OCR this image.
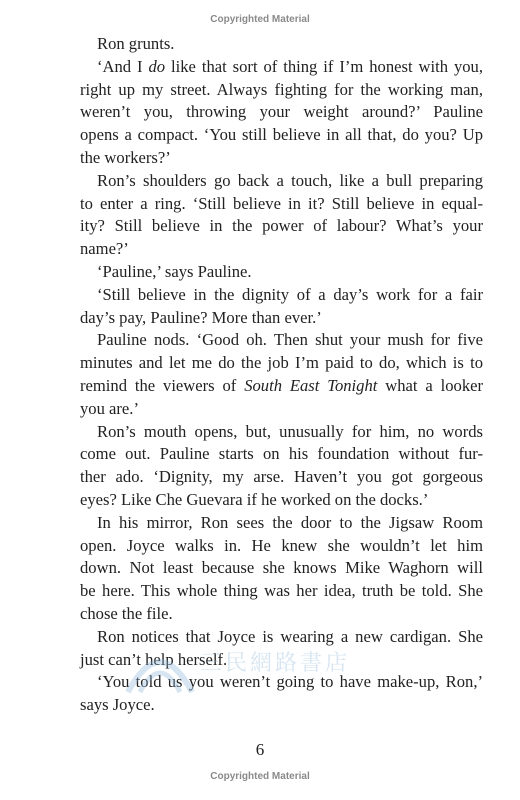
Copyrighted Material

Ron grunts.

‘And I do like that sort of thing if I’m honest with you,
right up my street. Always fighting for the working man,
weren’t you, throwing your weight around?’ Pauline
opens a compact. ‘You still believe in all that, do you? Up
the workers?’

Ron’s shoulders go back a touch, like a bull preparing
to enter a ring. ‘Still believe in it? Still believe in equal-
ity? Still believe in the power of labour? What’s your
name?’

‘Pauline,’ says Pauline.

‘Still believe in the dignity of a day’s work for a fair
day’s pay, Pauline? More than ever.’

Pauline nods. ‘Good oh. Then shut your mush for five
minutes and let me do the job I’m paid to do, which is to
remind the viewers of South East Tonight what a looker
you are.’

Ron’s mouth opens, but, unusually for him, no words
come out. Pauline starts on his foundation without fur-
ther ado. ‘Dignity, my arse. Haven’t you got gorgeous
eyes? Like Che Guevara if he worked on the docks.’

In his mirror, Ron sees the door to the Jigsaw Room
open. Joyce walks in. He knew she wouldn’t let him
down. Not least because she knows Mike Waghorn will
be here. This whole thing was her idea, truth be told. She
chose the file.

Ron notices that Joyce is wearing a new cardigan. She
just can’t help herself.

‘You told us you weren’t going to have make-up, Ron,’
says Joyce.

三民網路書店
6
Copyrighted Material
